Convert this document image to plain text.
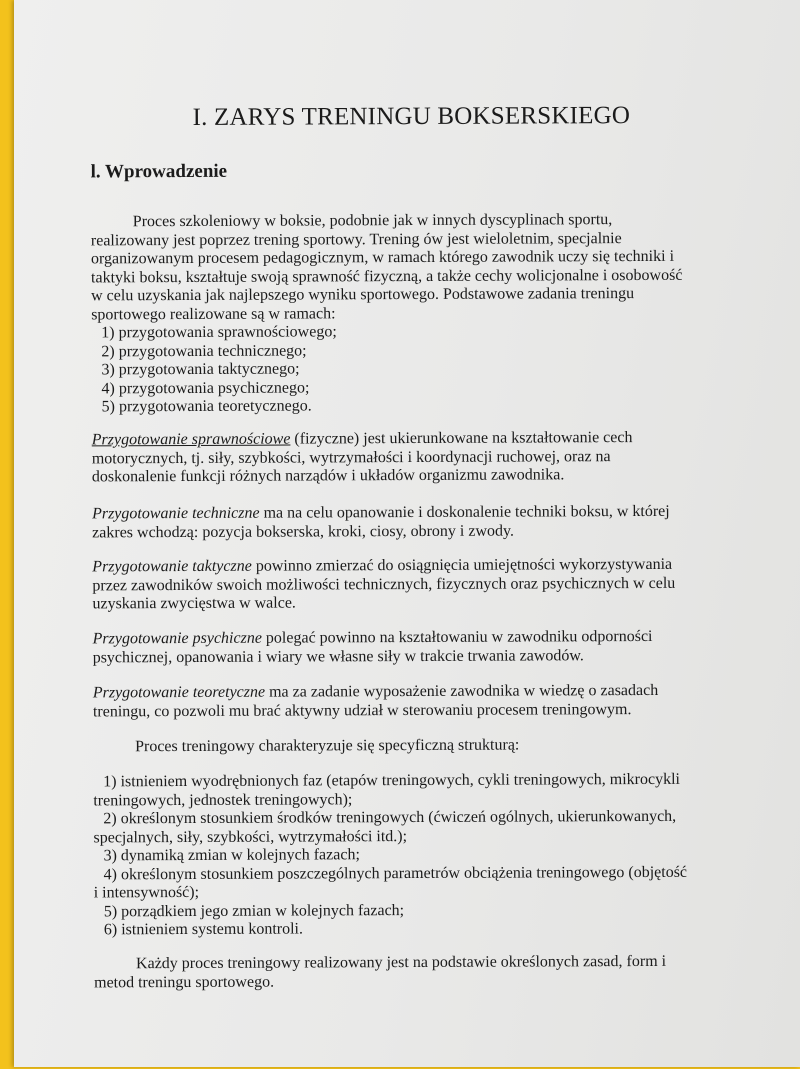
I. ZARYS TRENINGU BOKSERSKIEGO
l. Wprowadzenie
Proces szkoleniowy w boksie, podobnie jak w innych dyscyplinach sportu,
realizowany jest poprzez trening sportowy. Trening ów jest wieloletnim, specjalnie
organizowanym procesem pedagogicznym, w ramach którego zawodnik uczy się techniki i
taktyki boksu, kształtuje swoją sprawność fizyczną, a także cechy wolicjonalne i osobowość
w celu uzyskania jak najlepszego wyniku sportowego. Podstawowe zadania treningu
sportowego realizowane są w ramach:
1) przygotowania sprawnościowego;
2) przygotowania technicznego;
3) przygotowania taktycznego;
4) przygotowania psychicznego;
5) przygotowania teoretycznego.
Przygotowanie sprawnościowe (fizyczne) jest ukierunkowane na kształtowanie cech
motorycznych, tj. siły, szybkości, wytrzymałości i koordynacji ruchowej, oraz na
doskonalenie funkcji różnych narządów i układów organizmu zawodnika.
Przygotowanie techniczne ma na celu opanowanie i doskonalenie techniki boksu, w której
zakres wchodzą: pozycja bokserska, kroki, ciosy, obrony i zwody.
Przygotowanie taktyczne powinno zmierzać do osiągnięcia umiejętności wykorzystywania
przez zawodników swoich możliwości technicznych, fizycznych oraz psychicznych w celu
uzyskania zwycięstwa w walce.
Przygotowanie psychiczne polegać powinno na kształtowaniu w zawodniku odporności
psychicznej, opanowania i wiary we własne siły w trakcie trwania zawodów.
Przygotowanie teoretyczne ma za zadanie wyposażenie zawodnika w wiedzę o zasadach
treningu, co pozwoli mu brać aktywny udział w sterowaniu procesem treningowym.
Proces treningowy charakteryzuje się specyficzną strukturą:
1) istnieniem wyodrębnionych faz (etapów treningowych, cykli treningowych, mikrocykli
treningowych, jednostek treningowych);
2) określonym stosunkiem środków treningowych (ćwiczeń ogólnych, ukierunkowanych,
specjalnych, siły, szybkości, wytrzymałości itd.);
3) dynamiką zmian w kolejnych fazach;
4) określonym stosunkiem poszczególnych parametrów obciążenia treningowego (objętość
i intensywność);
5) porządkiem jego zmian w kolejnych fazach;
6) istnieniem systemu kontroli.
Każdy proces treningowy realizowany jest na podstawie określonych zasad, form i
metod treningu sportowego.
